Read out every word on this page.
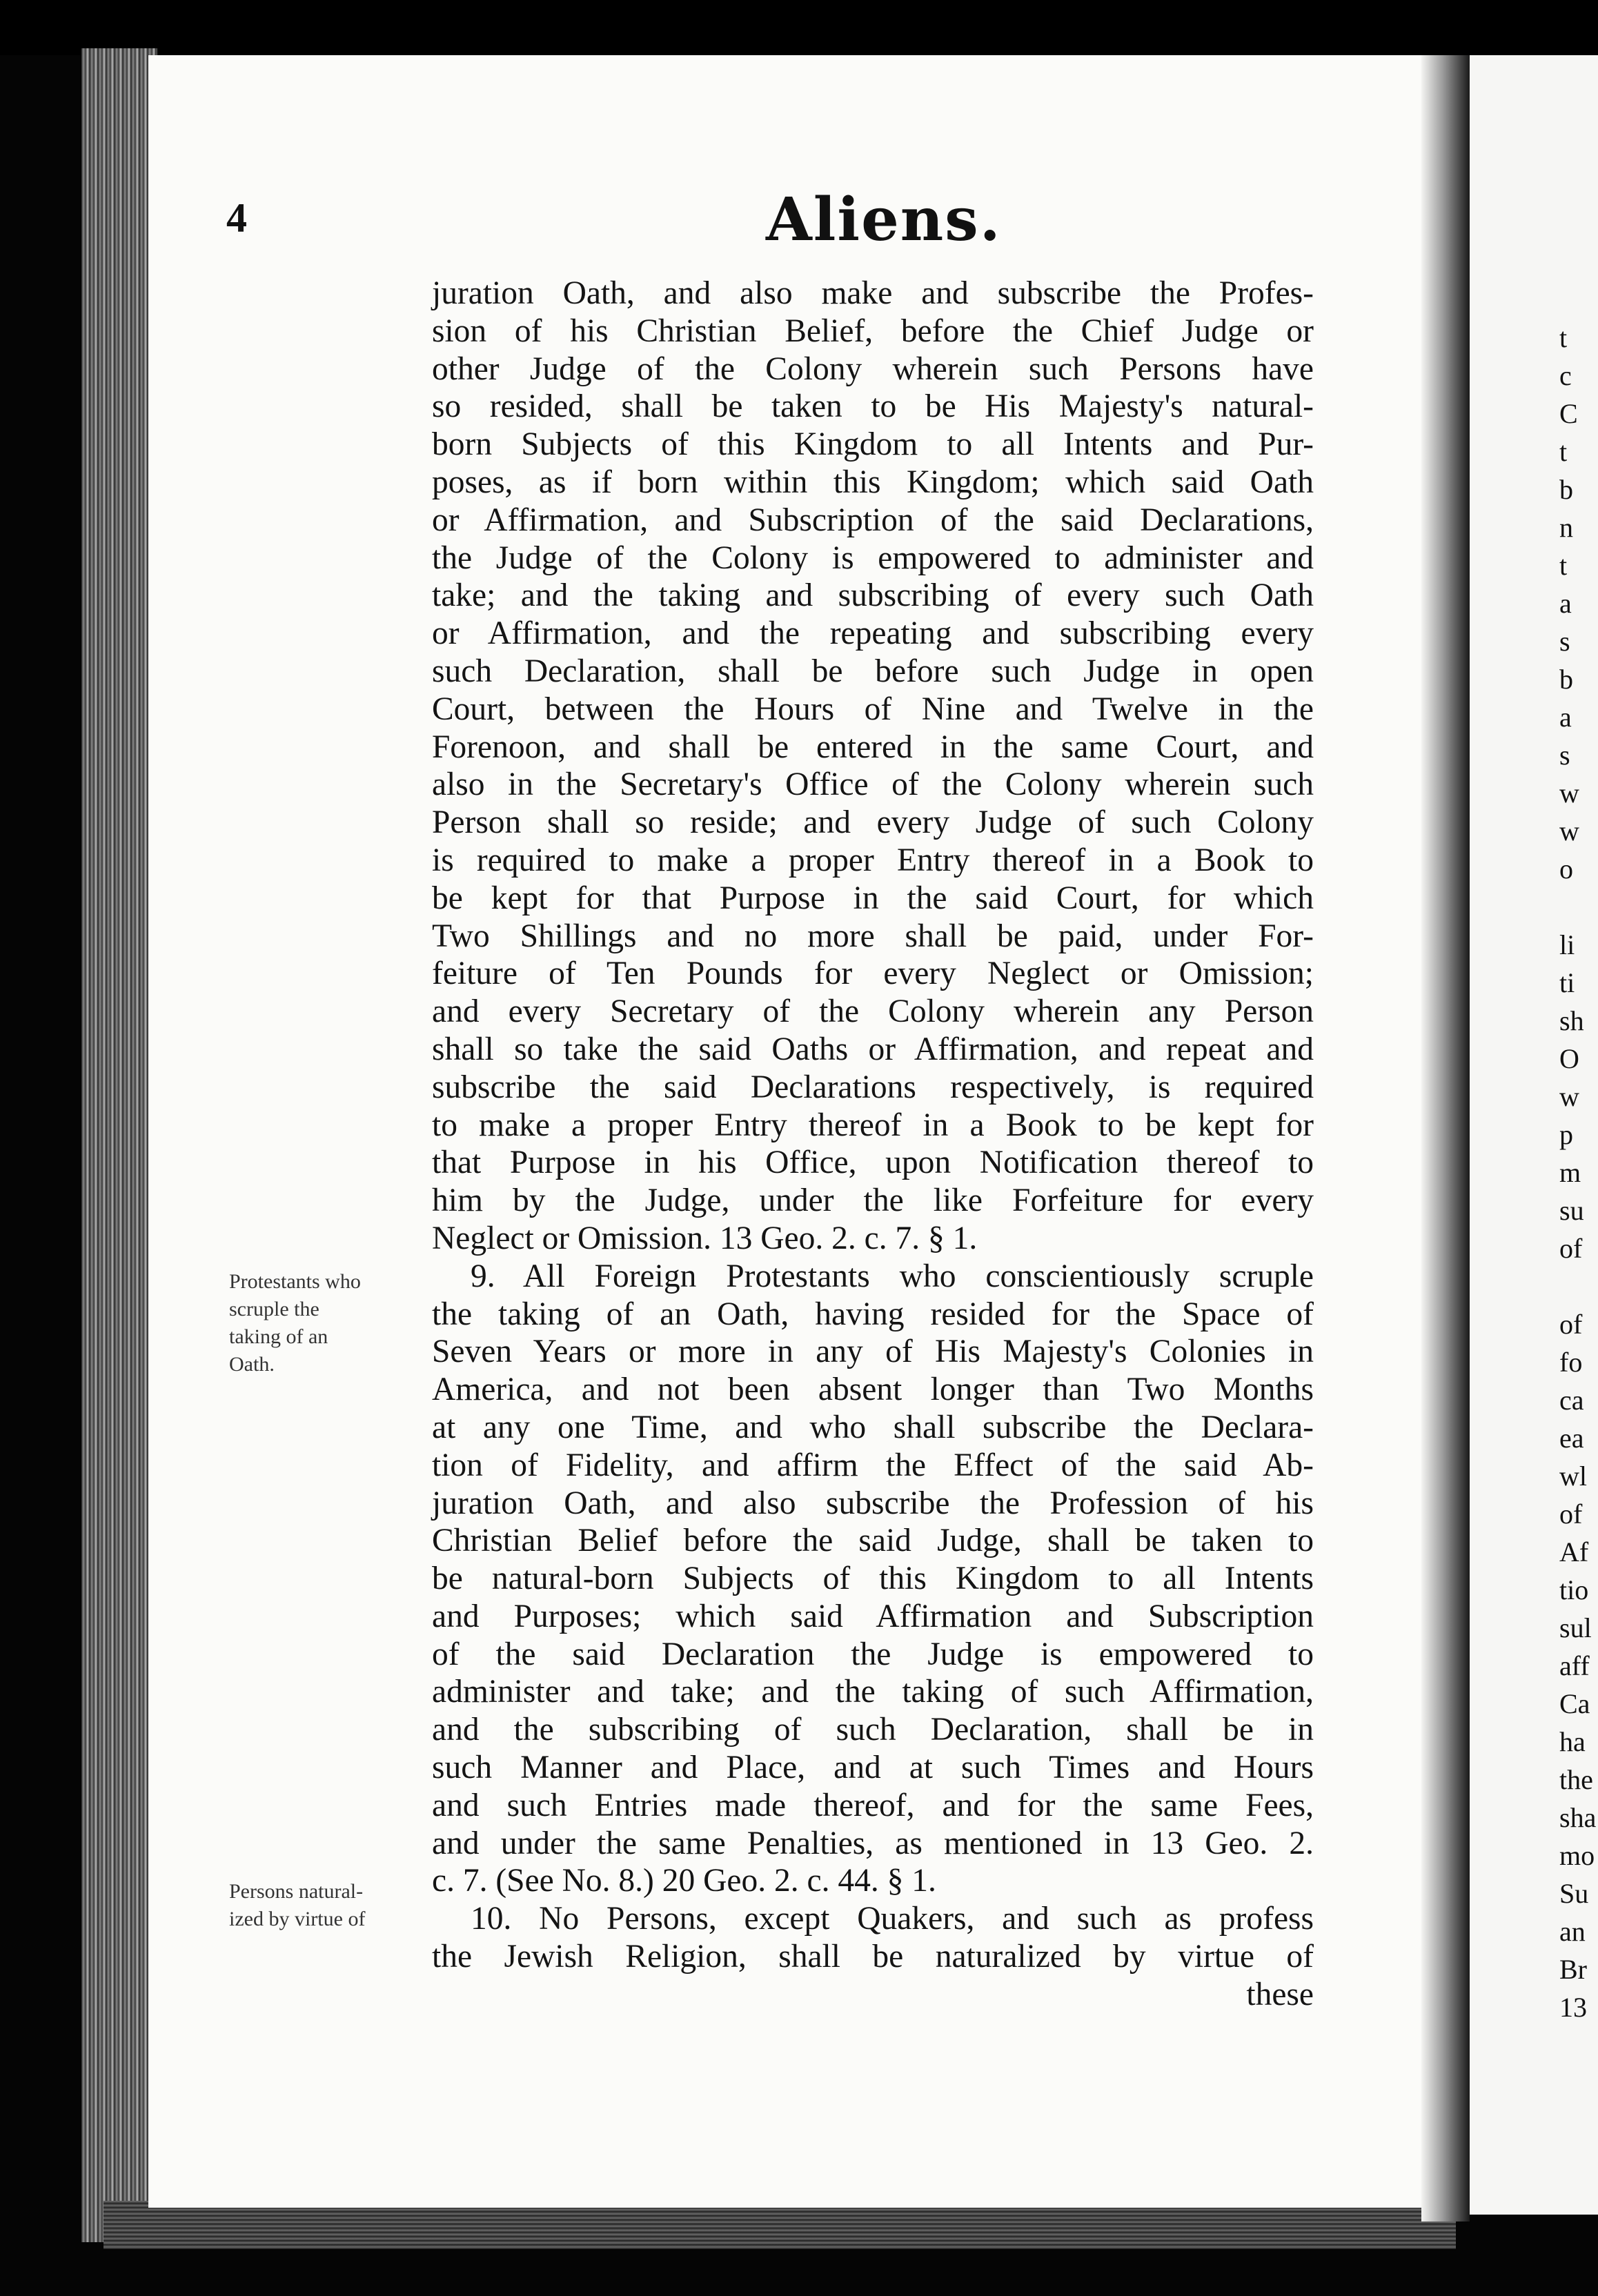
4	Aliens.
juration Oath, and also make and subscribe the Profes-
sion of his Christian Belief, before the Chief Judge or
other Judge of the Colony wherein such Persons have
so resided, shall be taken to be His Majesty's natural-
born Subjects of this Kingdom to all Intents and Pur-
poses, as if born within this Kingdom; which said Oath
or Affirmation, and Subscription of the said Declarations,
the Judge of the Colony is empowered to administer and
take; and the taking and subscribing of every such Oath
or Affirmation, and the repeating and subscribing every
such Declaration, shall be before such Judge in open
Court, between the Hours of Nine and Twelve in the
Forenoon, and shall be entered in the same Court, and
also in the Secretary's Office of the Colony wherein such
Person shall so reside; and every Judge of such Colony
is required to make a proper Entry thereof in a Book to
be kept for that Purpose in the said Court, for which
Two Shillings and no more shall be paid, under For-
feiture of Ten Pounds for every Neglect or Omission;
and every Secretary of the Colony wherein any Person
shall so take the said Oaths or Affirmation, and repeat and
subscribe the said Declarations respectively, is required
to make a proper Entry thereof in a Book to be kept for
that Purpose in his Office, upon Notification thereof to
him by the Judge, under the like Forfeiture for every
Neglect or Omission. 13 Geo. 2. c. 7. § 1.
9. All Foreign Protestants who conscientiously scruple
the taking of an Oath, having resided for the Space of
Seven Years or more in any of His Majesty's Colonies in
America, and not been absent longer than Two Months
at any one Time, and who shall subscribe the Declara-
tion of Fidelity, and affirm the Effect of the said Ab-
juration Oath, and also subscribe the Profession of his
Christian Belief before the said Judge, shall be taken to
be natural-born Subjects of this Kingdom to all Intents
and Purposes; which said Affirmation and Subscription
of the said Declaration the Judge is empowered to
administer and take; and the taking of such Affirmation,
and the subscribing of such Declaration, shall be in
such Manner and Place, and at such Times and Hours
and such Entries made thereof, and for the same Fees,
and under the same Penalties, as mentioned in 13 Geo. 2.
c. 7. (See No. 8.) 20 Geo. 2. c. 44. § 1.
10. No Persons, except Quakers, and such as profess
the Jewish Religion, shall be naturalized by virtue of
these
Protestants who
scruple the
taking of an
Oath.
Persons natural-
ized by virtue of
t
c
C
t
b
n
t
a
s
b
a
s
w
w
o
li
ti
sh
O
w
p
m
su
of
of
fo
ca
ea
wl
of
Af
tio
sul
aff
Ca
ha
the
sha
mo
Su
an
Br
13
